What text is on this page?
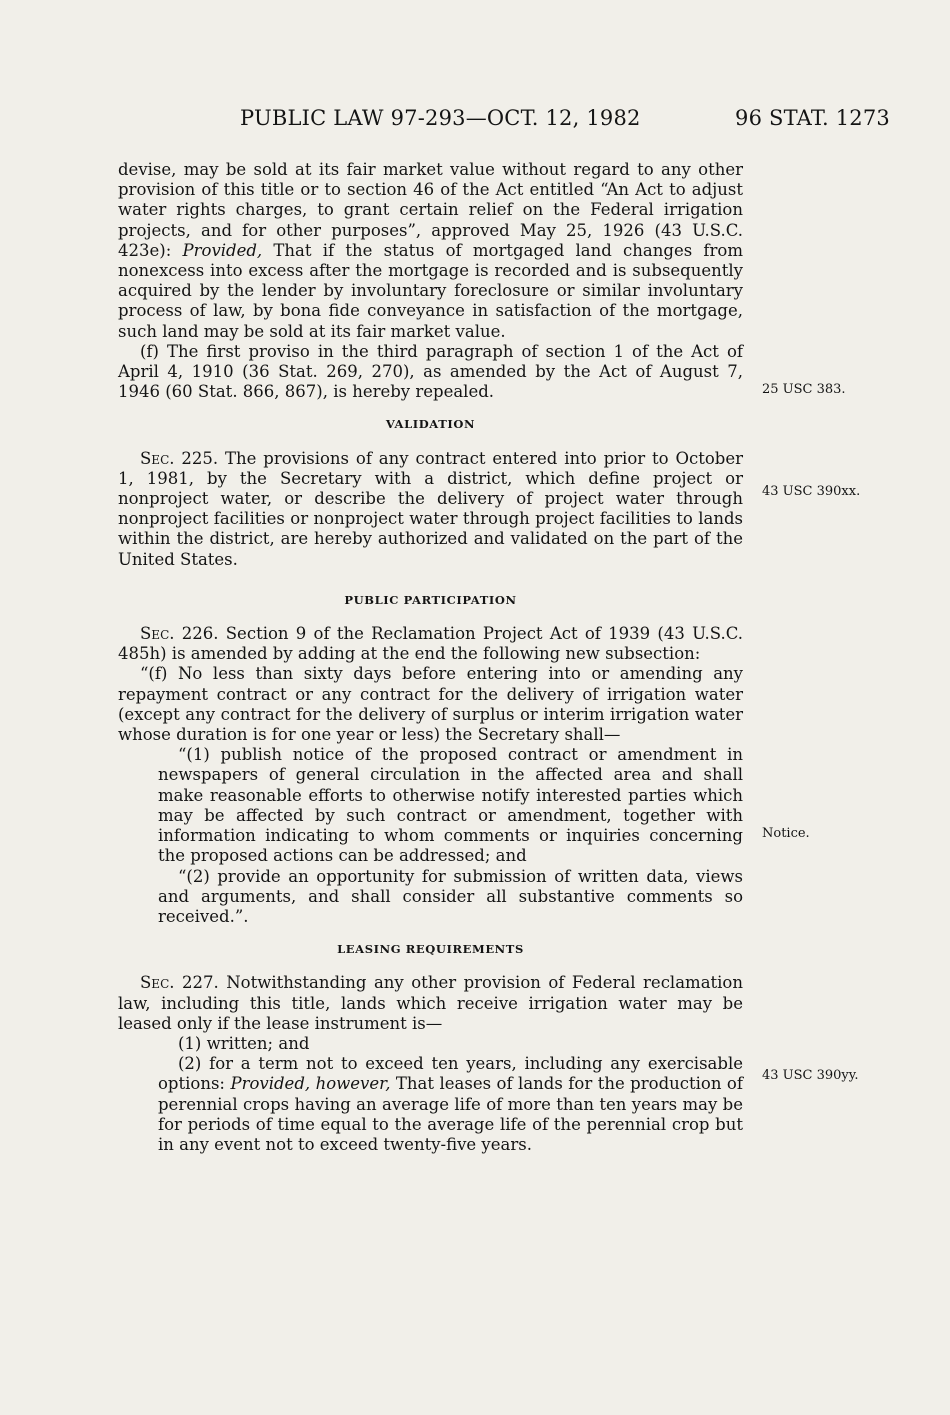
PUBLIC LAW 97-293—OCT. 12, 1982	96 STAT. 1273

devise, may be sold at its fair market value without regard to any other provision of this title or to section 46 of the Act entitled “An Act to adjust water rights charges, to grant certain relief on the Federal irrigation projects, and for other purposes”, approved May 25, 1926 (43 U.S.C. 423e): Provided, That if the status of mortgaged land changes from nonexcess into excess after the mortgage is recorded and is subsequently acquired by the lender by involuntary foreclosure or similar involuntary process of law, by bona fide conveyance in satisfaction of the mortgage, such land may be sold at its fair market value.

(f) The first proviso in the third paragraph of section 1 of the Act of April 4, 1910 (36 Stat. 269, 270), as amended by the Act of August 7, 1946 (60 Stat. 866, 867), is hereby repealed.

VALIDATION

Sec. 225. The provisions of any contract entered into prior to October 1, 1981, by the Secretary with a district, which define project or nonproject water, or describe the delivery of project water through nonproject facilities or nonproject water through project facilities to lands within the district, are hereby authorized and validated on the part of the United States.

PUBLIC PARTICIPATION

Sec. 226. Section 9 of the Reclamation Project Act of 1939 (43 U.S.C. 485h) is amended by adding at the end the following new subsection:

“(f) No less than sixty days before entering into or amending any repayment contract or any contract for the delivery of irrigation water (except any contract for the delivery of surplus or interim irrigation water whose duration is for one year or less) the Secretary shall—

“(1) publish notice of the proposed contract or amendment in newspapers of general circulation in the affected area and shall make reasonable efforts to otherwise notify interested parties which may be affected by such contract or amendment, together with information indicating to whom comments or inquiries concerning the proposed actions can be addressed; and

“(2) provide an opportunity for submission of written data, views and arguments, and shall consider all substantive comments so received.”.

LEASING REQUIREMENTS

Sec. 227. Notwithstanding any other provision of Federal reclamation law, including this title, lands which receive irrigation water may be leased only if the lease instrument is—

(1) written; and

(2) for a term not to exceed ten years, including any exercisable options: Provided, however, That leases of lands for the production of perennial crops having an average life of more than ten years may be for periods of time equal to the average life of the perennial crop but in any event not to exceed twenty-five years.

25 USC 383.
43 USC 390xx.
Notice.
43 USC 390yy.
